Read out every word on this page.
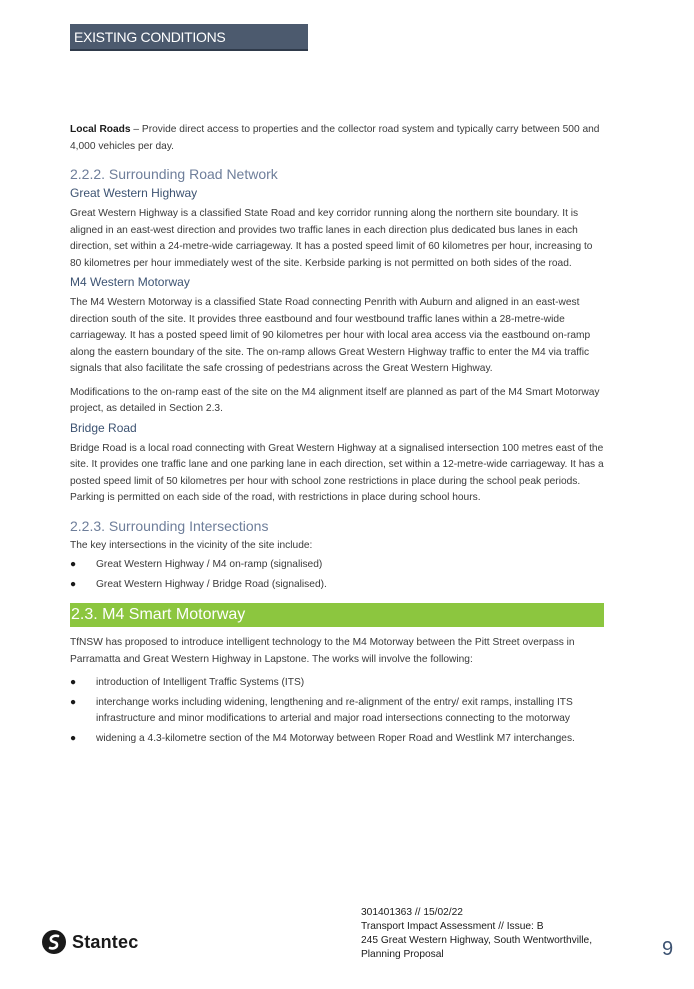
EXISTING CONDITIONS

Local Roads – Provide direct access to properties and the collector road system and typically carry between 500 and 4,000 vehicles per day.

2.2.2. Surrounding Road Network
Great Western Highway

Great Western Highway is a classified State Road and key corridor running along the northern site boundary. It is aligned in an east-west direction and provides two traffic lanes in each direction plus dedicated bus lanes in each direction, set within a 24-metre-wide carriageway. It has a posted speed limit of 60 kilometres per hour, increasing to 80 kilometres per hour immediately west of the site. Kerbside parking is not permitted on both sides of the road.

M4 Western Motorway

The M4 Western Motorway is a classified State Road connecting Penrith with Auburn and aligned in an east-west direction south of the site. It provides three eastbound and four westbound traffic lanes within a 28-metre-wide carriageway. It has a posted speed limit of 90 kilometres per hour with local area access via the eastbound on-ramp along the eastern boundary of the site. The on-ramp allows Great Western Highway traffic to enter the M4 via traffic signals that also facilitate the safe crossing of pedestrians across the Great Western Highway.

Modifications to the on-ramp east of the site on the M4 alignment itself are planned as part of the M4 Smart Motorway project, as detailed in Section 2.3.

Bridge Road

Bridge Road is a local road connecting with Great Western Highway at a signalised intersection 100 metres east of the site. It provides one traffic lane and one parking lane in each direction, set within a 12-metre-wide carriageway. It has a posted speed limit of 50 kilometres per hour with school zone restrictions in place during the school peak periods. Parking is permitted on each side of the road, with restrictions in place during school hours.

2.2.3. Surrounding Intersections

The key intersections in the vicinity of the site include:

●	Great Western Highway / M4 on-ramp (signalised)
●	Great Western Highway / Bridge Road (signalised).
2.3. M4 Smart Motorway

TfNSW has proposed to introduce intelligent technology to the M4 Motorway between the Pitt Street overpass in Parramatta and Great Western Highway in Lapstone. The works will involve the following:

●	introduction of Intelligent Traffic Systems (ITS)
●	interchange works including widening, lengthening and re-alignment of the entry/ exit ramps, installing ITS infrastructure and minor modifications to arterial and major road intersections connecting to the motorway
●	widening a 4.3-kilometre section of the M4 Motorway between Roper Road and Westlink M7 interchanges.
Stantec
301401363 // 15/02/22
Transport Impact Assessment // Issue: B
245 Great Western Highway, South Wentworthville,
Planning Proposal	9
